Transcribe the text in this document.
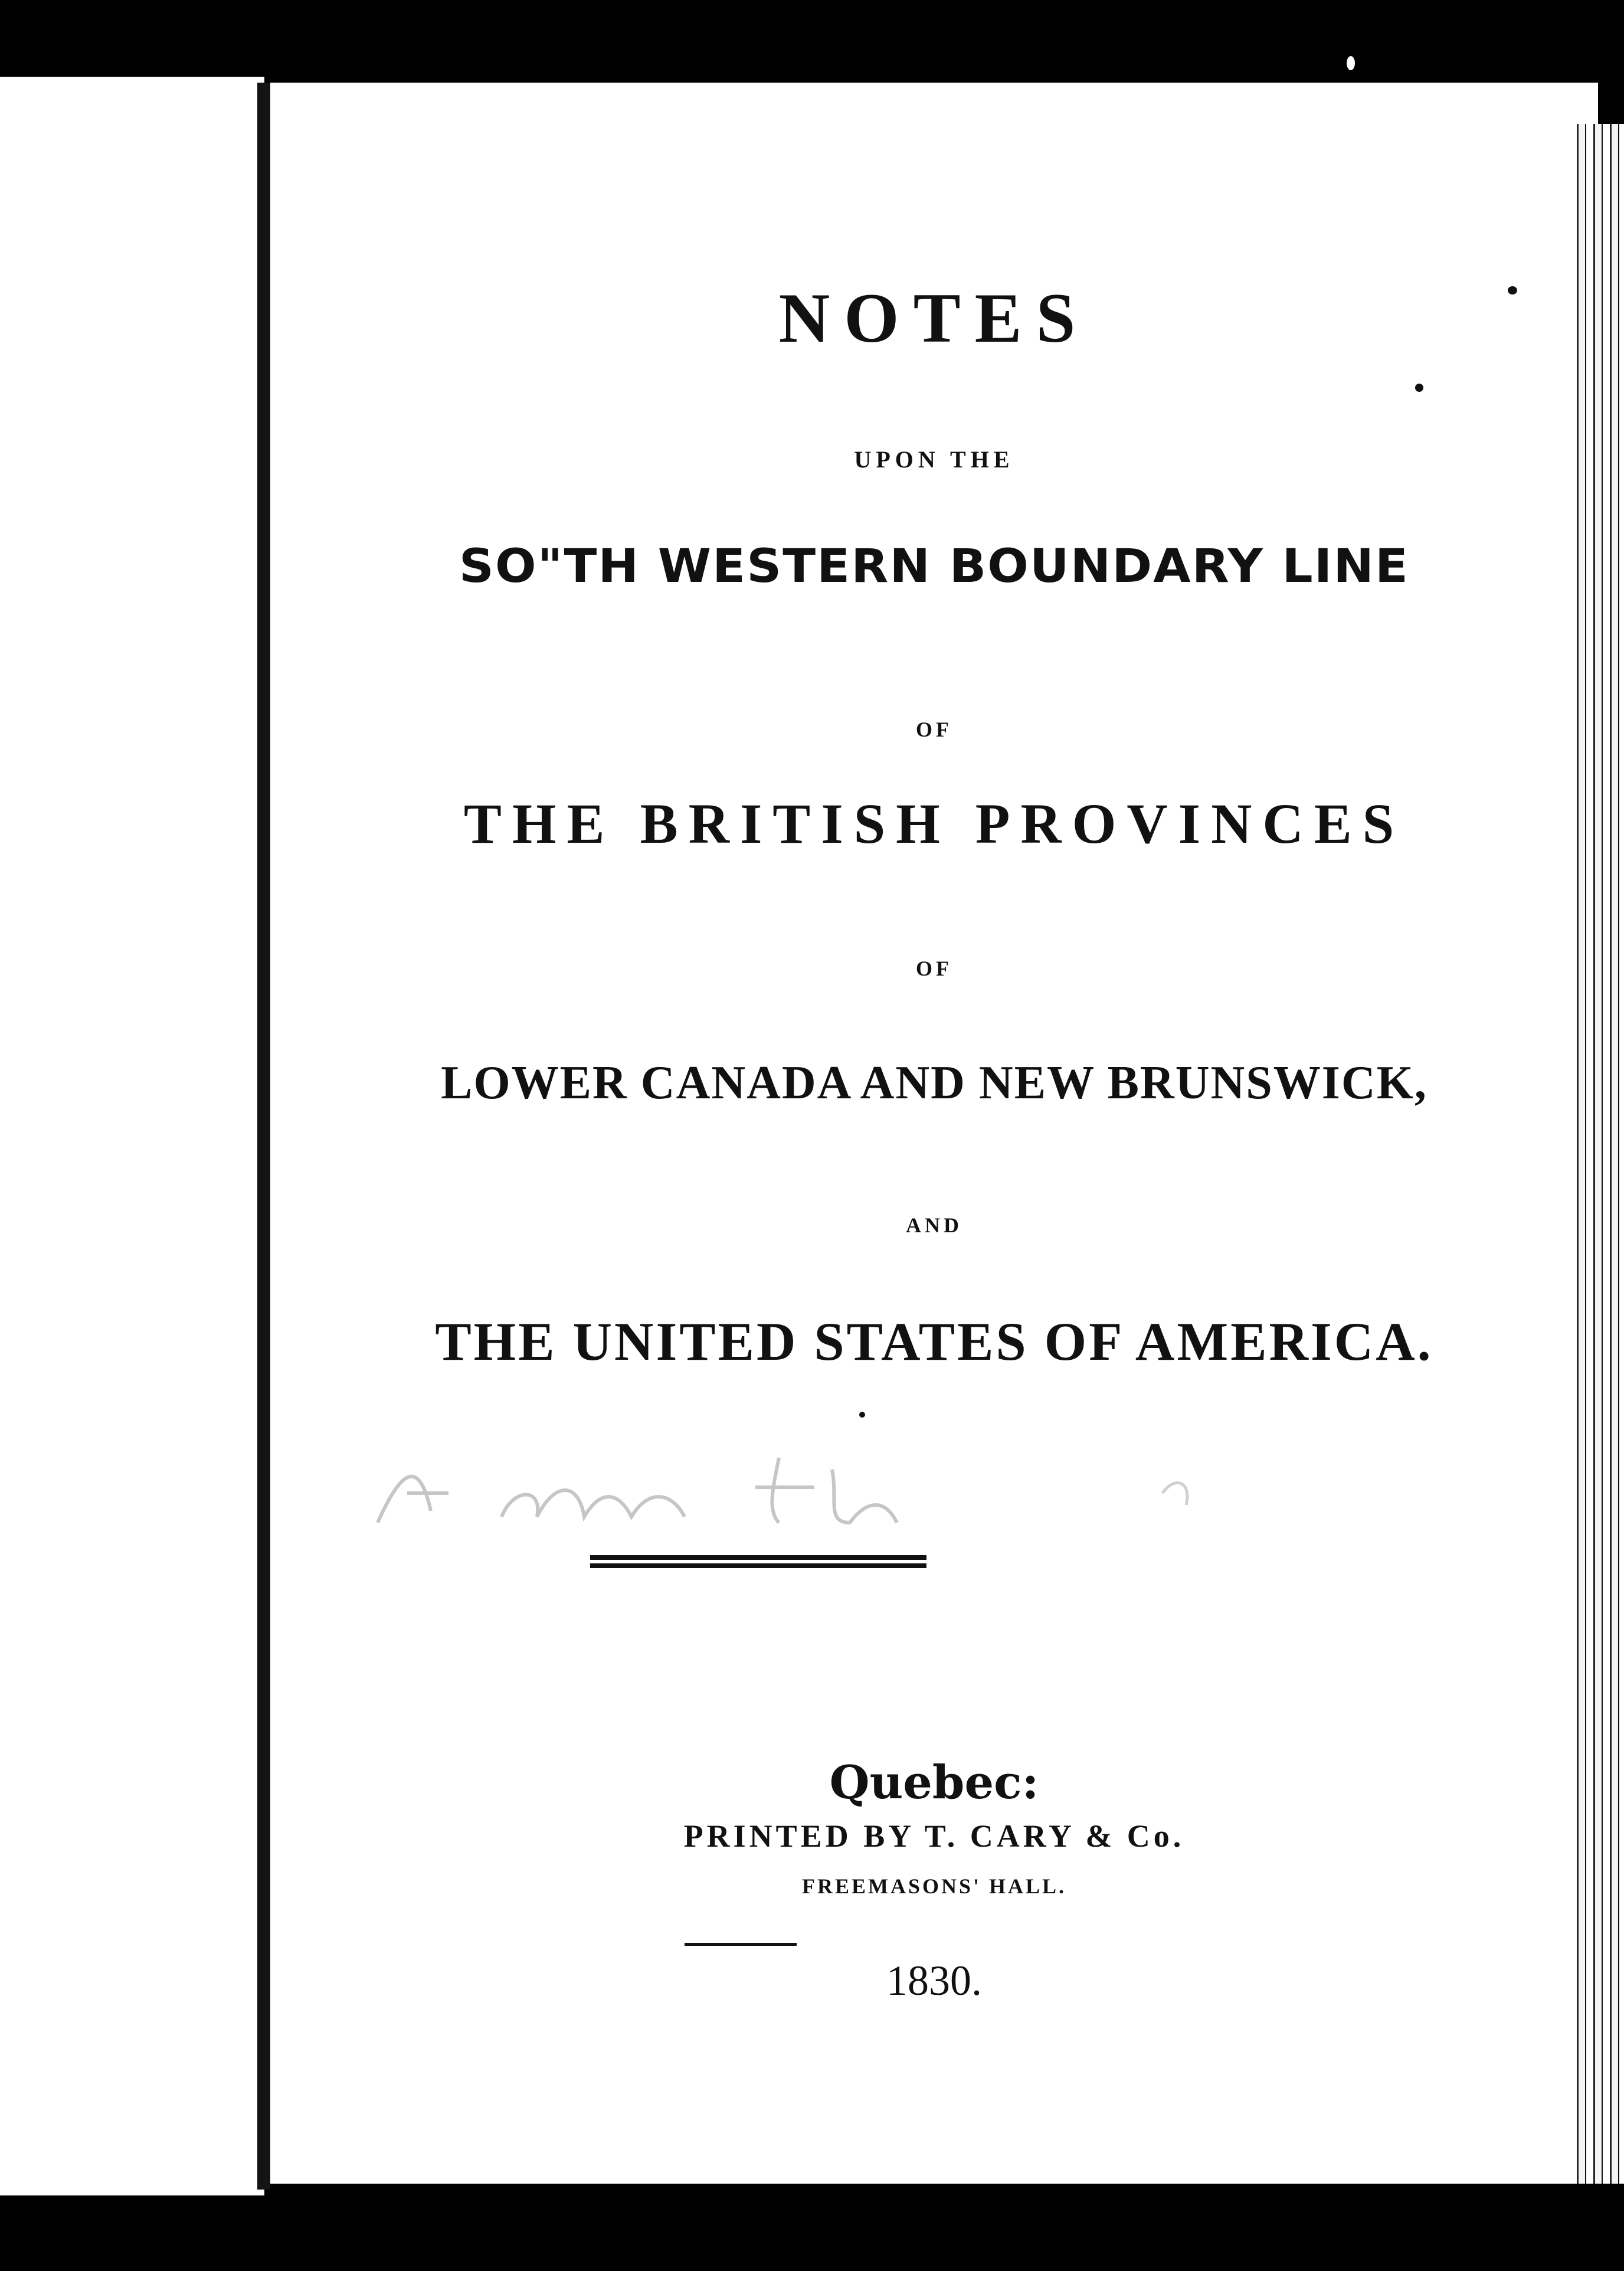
NOTES
UPON THE
SO"TH WESTERN BOUNDARY LINE
OF
THE BRITISH PROVINCES
OF
LOWER CANADA AND NEW BRUNSWICK,
AND
THE UNITED STATES OF AMERICA.
Quebec:
PRINTED BY T. CARY & Co.
FREEMASONS' HALL.
1830.
